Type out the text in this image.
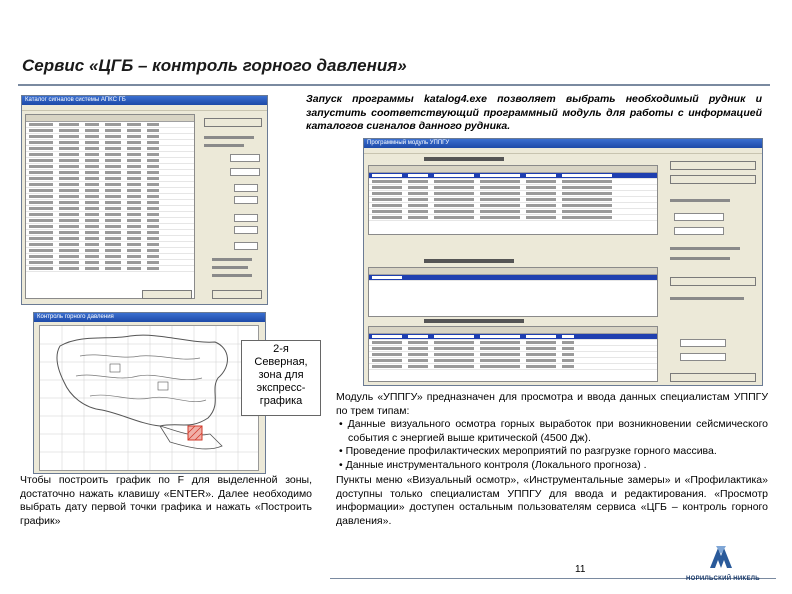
Сервис «ЦГБ – контроль горного давления»
Каталог сигналов системы АПКС ГБ
Контроль горного давления
2-я
Северная,
зона для
экспресс-
графика
Запуск программы katalog4.exe позволяет выбрать необходимый рудник и запустить соответствующий программный модуль для работы с информацией каталогов сигналов данного рудника.
Программный модуль УППГУ
Модуль «УППГУ» предназначен для просмотра и ввода данных специалистам УППГУ по трем типам:
• Данные визуального осмотра горных выработок при возникновении сейсмического события с энергией выше критической (4500 Дж).
• Проведение профилактических мероприятий по разгрузке горного массива.
• Данные инструментального контроля (Локального прогноза) .
Чтобы построить график по F для выделенной зоны, достаточно нажать клавишу «ENTER». Далее необходимо выбрать дату первой точки графика и нажать «Построить график»
Пункты меню «Визуальный осмотр», «Инструментальные замеры» и «Профилактика» доступны только специалистам УППГУ для ввода и редактирования. «Просмотр информации» доступен остальным пользователям сервиса «ЦГБ – контроль горного давления».
11
НОРИЛЬСКИЙ НИКЕЛЬ
